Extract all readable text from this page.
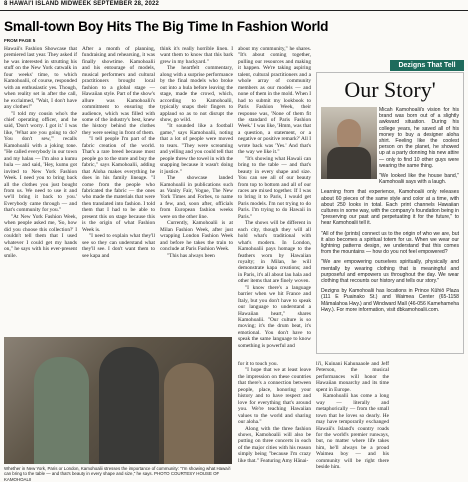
8 HAWAI'I ISLAND MIDWEEK SEPTEMBER 28, 2022
Small-town Boy Hits The Big Time In Fashion World
FROM PAGE 5

Hawaii's Fashion Showcase that premiered last year. They asked if he was interested in strutting his stuff on the New York catwalk in four weeks' time, to which Kamohoalii, of course, responded with an enthusiastic yes. Though, when reality set in after the call, he exclaimed, "Wait, I don't have any clothes!"

"I told my cousin who's the chief operating officer, and he said, 'Don't worry. I got it.' I was like, 'What are you going to do? You don't sew,'" recalls Kamohoalii with a joking tone. "He called everybody in our town and my halau — I'm also a kumu hula — and said, 'Hey, kumu got invited to New York Fashion Week. I need you to bring back all the clothes you just bought from us. We need to use it and we'll bring it back to you.' Everybody came through — and that's community for you."

"At New York Fashion Week, when people asked me, 'So, how did you choose this collection?' I couldn't tell them that I used whatever I could get my hands on," he says with his ever-present smile.

After a month of planning, fundraising and rehearsing, it was finally showtime. Kamohoalii and his entourage of models, musical performers and cultural practitioners brought local fashion to a global stage — Hawaiian style. Part of the show's allure was Kamohoalii's commitment to ensuring the audience, which was filled with some of the industry's best, knew the history behind the clothes they were seeing in front of them.

"I tell people I'm part of the fabric creation of the world. That's a rare breed because most people go to the store and buy the fabric," says Kamohoalii, adding that Aloha makes everything he does in his family lineage. "I come from the people who fabricated the fabric — the ones who made the materials that were then translated into fashion. I told them that I had to be able to present this on stage because this is the origin of what Fashion Week is.

"I need to explain what they'll see so they can understand what they'll see. I don't want them to see kapa and

think it's really horrible linen. I want them to know that this bark grew in my backyard."

The heartfelt commentary, along with a surprise performance by the final models who broke out into a hula before leaving the stage, made the crowd, which, according to Kamohoalii, typically snaps their fingers to applaud so as to not disrupt the show, go wild.

"It sounded like a football game," says Kamohoalii, noting that a lot of people were moved to tears. "They were screaming and yelling and you could tell that people threw the towel in with the snapping because it wasn't doing it justice."

The showcase landed Kamohoalii in publications such as Vanity Fair, Vogue, The New York Times and Forbes, to name a few, and, soon after, officials from European fashion weeks were on the other line.

Currently, Kamohoalii is at Milan Fashion Week, after just wrapping London Fashion Week and before he takes the train to conclude at Paris Fashion Week.

"This has always been

about my community," he shares. "It's about coming together, pulling our resources and making it happen. We're taking aspiring talent, cultural practitioners and a whole array of community members as our models — and none of them in the mold. When I had to submit my lookbook to Paris Fashion Week, their response was, 'None of them fit the standard of Paris Fashion Week.' I was like, 'Hmm, was that a question, a statement, or a negative or positive remark?' All I wrote back was 'Yes.' And that's the way we like it."

"It's showing what Hawaii can bring to the table — and that's beauty in every shape and size. You can see all of our beauty from top to bottom and all of our races are mixed together. If I was to bring it to Paris, I would get Paris models. I'm not trying to do Paris. I'm trying to do Hawaii in Paris."

The shows will be different in each city, though they will all hold what's traditional with what's modern. In London, Kamohoalii pays homage to the feathers worn by Hawaiian royalty; in Milan, he will demonstrate kapa creations; and in Paris, it's all about lau hala and other items that are finely woven.

"I know there's a language barrier when we hit France and Italy, but you don't have to speak our language to understand a Hawaiian heart," shares Kamohoalii. "Our culture is so moving; it's the drum beat, it's emotional. You don't have to speak the same language to know something is powerful and

Dezigns That Tell
Our Story'

Micah Kamohoalii's vision for his brand was born out of a slightly awkward situation. During his college years, he saved all of his money to buy a designer aloha shirt. Feeling like the coolest person on the planet, he showed up at a party donning his new attire — only to find 10 other guys were wearing the same thing.

"We looked like the house band," Kamohoalii says with a laugh.

Learning from that experience, Kamohoalii only releases about 60 pieces of the same style and color at a time, with about 250 looks in total. Each print channels Hawaiian cultures in some way, with the company's foundation being in "preserving our past and perpetuating it for the future," to hear Kamohoalii tell it.

"All of the (prints) connect us to the origin of who we are, but it also becomes a spiritual totem for us. When we wear our lightning patterns design, we understand that this comes from the mountains — how do you not feel empowered?

"We are empowering ourselves spiritually, physically and mentally by wearing clothing that is meaningful and purposeful and empowers us throughout the day. We wear clothing that recounts our history and tells our story."

Dezigns by Kamohoalii has locations in Prince Kūhiō Plaza (111 E Puainako St.) and Waimea Center (65-1158 Māmalahoa Hwy.) and Windward Mall (46-056 Kamehameha Hwy.). For more information, visit dbkamohoalii.com.

Whether in New York, Paris or London, Kamohoalii stresses the importance of community: "I'm showing what Hawai'i can bring to the table — and that's beauty in every shape and size," he says. PHOTO COURTESY HOUSE OF KAMOHOALII

for it to touch you.

"I hope that we at least leave the impression on these countries that there's a connection between people, place, honoring your history and to have respect and love for everything that's around you. We're teaching Hawaiian values to the world and sharing our aloha."

Along with the three fashion shows, Kamohoalii will also be putting on three concerts in each of the major cities with his reason simply being "because I'm crazy like that." Featuring Amy Hānai-

li'i, Kuinani Kahunaaole and Jeff Peterson, the musical performances will honor the Hawaiian monarchy and its time spent in Europe.

Kamohoalii has come a long way — literally and metaphorically — from the small town that he loves so dearly. He may have temporarily exchanged Hawaii's Island's country roads for the world's premier runways, but, no matter where life takes him, he'll always be a proud Waimea boy — and his community will be right there beside him.
